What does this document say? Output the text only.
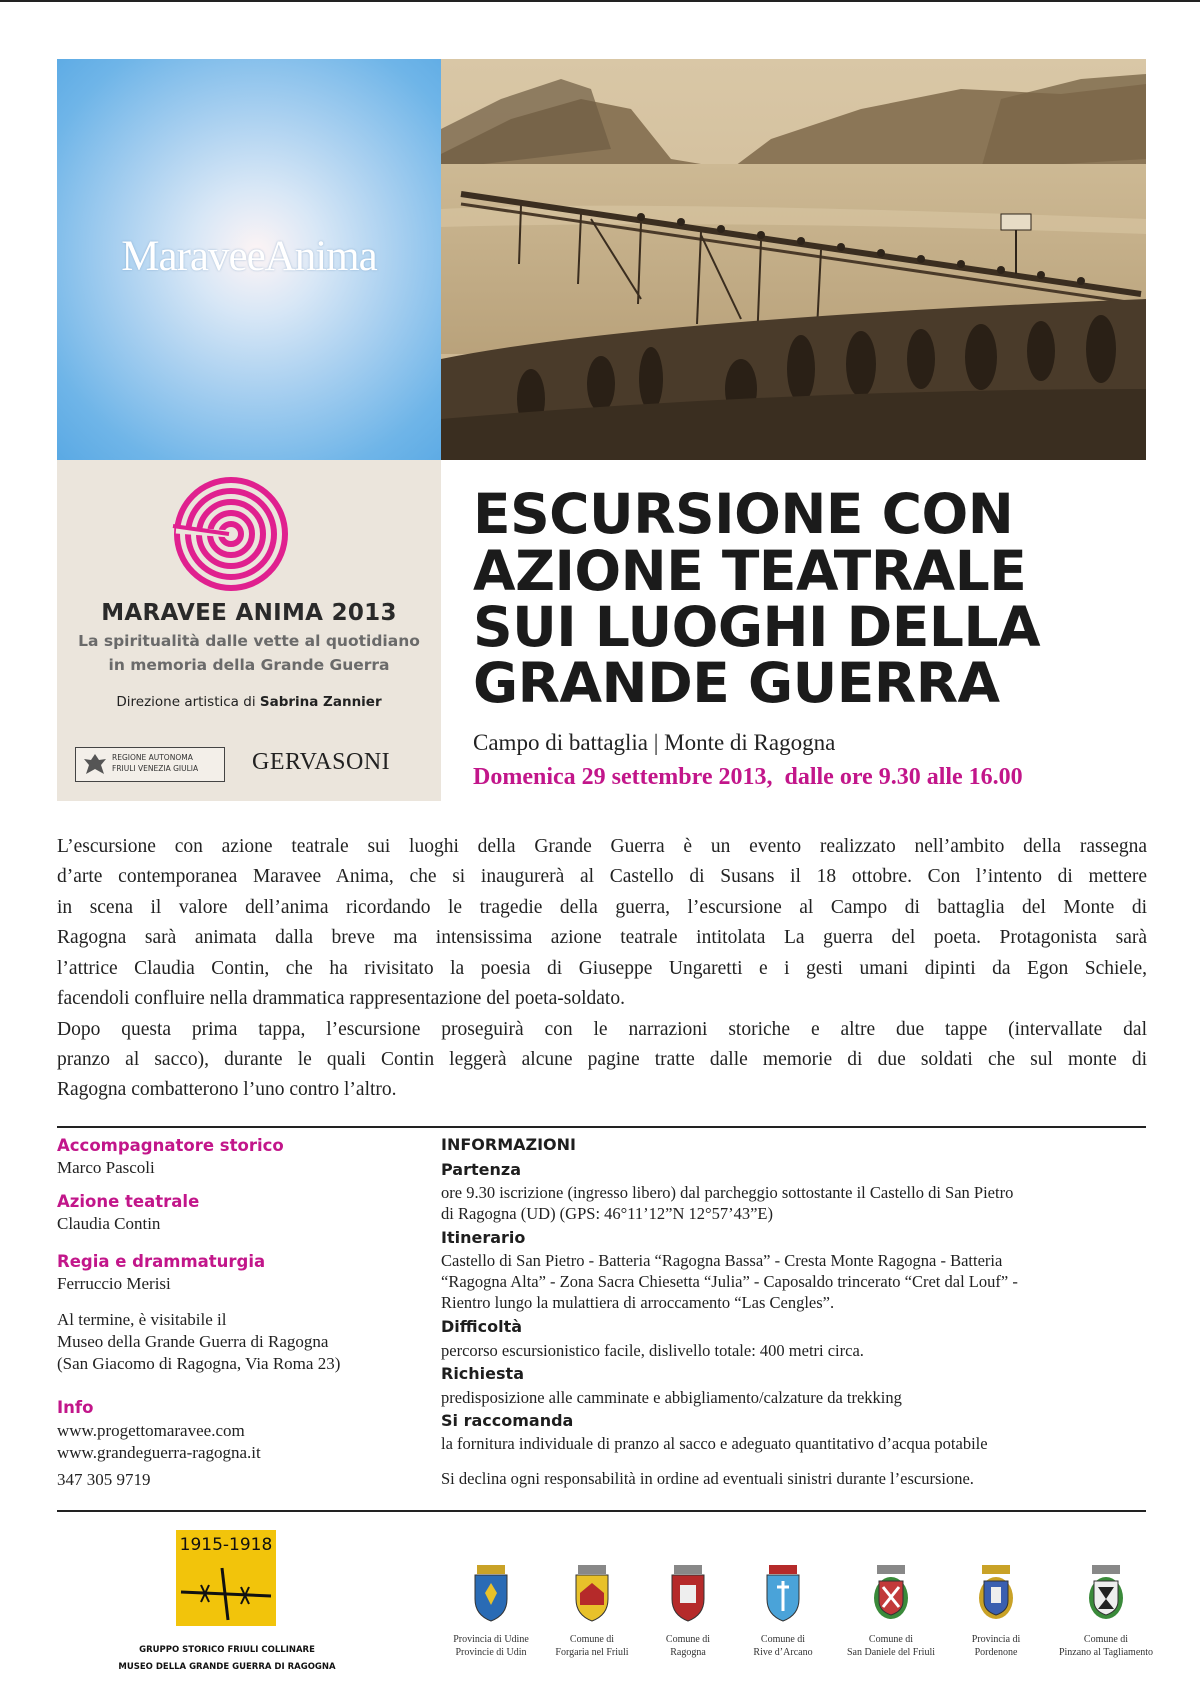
MaraveeAnima
MARAVEE ANIMA 2013
La spiritualità dalle vette al quotidiano
in memoria della Grande Guerra
Direzione artistica di Sabrina Zannier
REGIONE AUTONOMA
FRIULI VENEZIA GIULIA GERVASONI
ESCURSIONE CON
AZIONE TEATRALE
SUI LUOGHI DELLA
GRANDE GUERRA
Campo di battaglia | Monte di Ragogna
Domenica 29 settembre 2013,  dalle ore 9.30 alle 16.00
L’escursione con azione teatrale sui luoghi della Grande Guerra è un evento realizzato nell’ambito della rassegna
d’arte contemporanea Maravee Anima, che si inaugurerà al Castello di Susans il 18 ottobre. Con l’intento di mettere
in scena il valore dell’anima ricordando le tragedie della guerra, l’escursione al Campo di battaglia del Monte di
Ragogna sarà animata dalla breve ma intensissima azione teatrale intitolata La guerra del poeta. Protagonista sarà
l’attrice Claudia Contin, che ha rivisitato la poesia di Giuseppe Ungaretti e i gesti umani dipinti da Egon Schiele,
facendoli confluire nella drammatica rappresentazione del poeta-soldato.
Dopo questa prima tappa, l’escursione proseguirà con le narrazioni storiche e altre due tappe (intervallate dal
pranzo al sacco), durante le quali Contin leggerà alcune pagine tratte dalle memorie di due soldati che sul monte di
Ragogna combatterono l’uno contro l’altro.
Accompagnatore storico
Marco Pascoli
Azione teatrale
Claudia Contin
Regia e drammaturgia
Ferruccio Merisi
Al termine, è visitabile il
Museo della Grande Guerra di Ragogna
(San Giacomo di Ragogna, Via Roma 23)
Info
www.progettomaravee.com
www.grandeguerra-ragogna.it
347 305 9719
INFORMAZIONI
Partenza
ore 9.30 iscrizione (ingresso libero) dal parcheggio sottostante il Castello di San Pietro
di Ragogna (UD) (GPS: 46°11’12”N 12°57’43”E)
Itinerario
Castello di San Pietro - Batteria “Ragogna Bassa” - Cresta Monte Ragogna - Batteria
“Ragogna Alta” - Zona Sacra Chiesetta “Julia” - Caposaldo trincerato “Cret dal Louf” -
Rientro lungo la mulattiera di arroccamento “Las Cengles”.
Difficoltà
percorso escursionistico facile, dislivello totale: 400 metri circa.
Richiesta
predisposizione alle camminate e abbigliamento/calzature da trekking
Si raccomanda
la fornitura individuale di pranzo al sacco e adeguato quantitativo d’acqua potabile
Si declina ogni responsabilità in ordine ad eventuali sinistri durante l’escursione.
1915-1918
GRUPPO STORICO FRIULI COLLINARE
MUSEO DELLA GRANDE GUERRA DI RAGOGNA
Provincia di Udine
Provincie di Udin
Comune di
Forgaria nel Friuli
Comune di
Ragogna
Comune di
Rive d’Arcano
Comune di
San Daniele del Friuli
Provincia di
Pordenone
Comune di
Pinzano al Tagliamento
